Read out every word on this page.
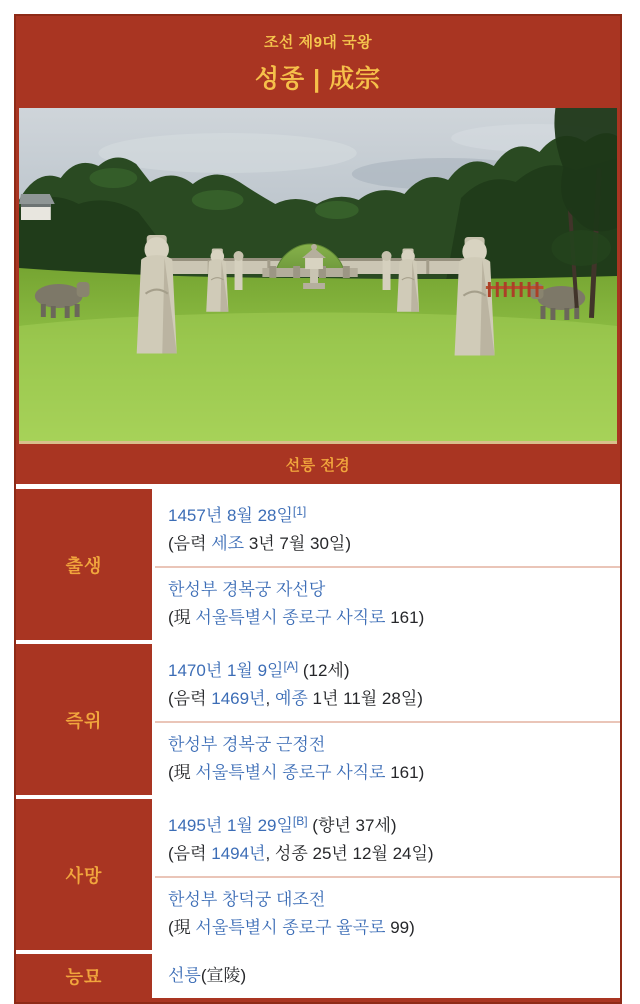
조선 제9대 국왕
성종 | 成宗
선릉 전경
출생
1457년 8월 28일[1]
(음력 세조 3년 7월 30일)
한성부 경복궁 자선당
(現 서울특별시 종로구 사직로 161)
즉위
1470년 1월 9일[A] (12세)
(음력 1469년, 예종 1년 11월 28일)
한성부 경복궁 근정전
(現 서울특별시 종로구 사직로 161)
사망
1495년 1월 29일[B] (향년 37세)
(음력 1494년, 성종 25년 12월 24일)
한성부 창덕궁 대조전
(現 서울특별시 종로구 율곡로 99)
능묘	선릉(宣陵)
